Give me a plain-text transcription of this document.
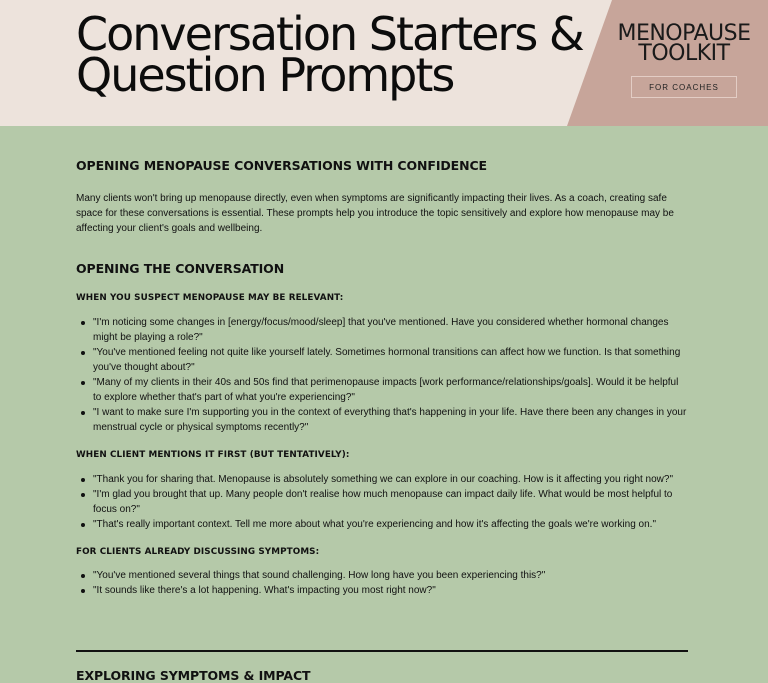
Conversation Starters &
Question Prompts
MENOPAUSE
TOOLKIT
FOR COACHES
OPENING MENOPAUSE CONVERSATIONS WITH CONFIDENCE

Many clients won't bring up menopause directly, even when symptoms are significantly impacting their lives. As a coach, creating safe space for these conversations is essential. These prompts help you introduce the topic sensitively and explore how menopause may be affecting your client's goals and wellbeing.

OPENING THE CONVERSATION
WHEN YOU SUSPECT MENOPAUSE MAY BE RELEVANT:
"I'm noticing some changes in [energy/focus/mood/sleep] that you've mentioned. Have you considered whether hormonal changes might be playing a role?"
"You've mentioned feeling not quite like yourself lately. Sometimes hormonal transitions can affect how we function. Is that something you've thought about?"
"Many of my clients in their 40s and 50s find that perimenopause impacts [work performance/relationships/goals]. Would it be helpful to explore whether that's part of what you're experiencing?"
"I want to make sure I'm supporting you in the context of everything that's happening in your life. Have there been any changes in your menstrual cycle or physical symptoms recently?"
WHEN CLIENT MENTIONS IT FIRST (BUT TENTATIVELY):
"Thank you for sharing that. Menopause is absolutely something we can explore in our coaching. How is it affecting you right now?"
"I'm glad you brought that up. Many people don't realise how much menopause can impact daily life. What would be most helpful to focus on?"
"That's really important context. Tell me more about what you're experiencing and how it's affecting the goals we're working on."
FOR CLIENTS ALREADY DISCUSSING SYMPTOMS:
"You've mentioned several things that sound challenging. How long have you been experiencing this?"
"It sounds like there's a lot happening. What's impacting you most right now?"
EXPLORING SYMPTOMS & IMPACT
